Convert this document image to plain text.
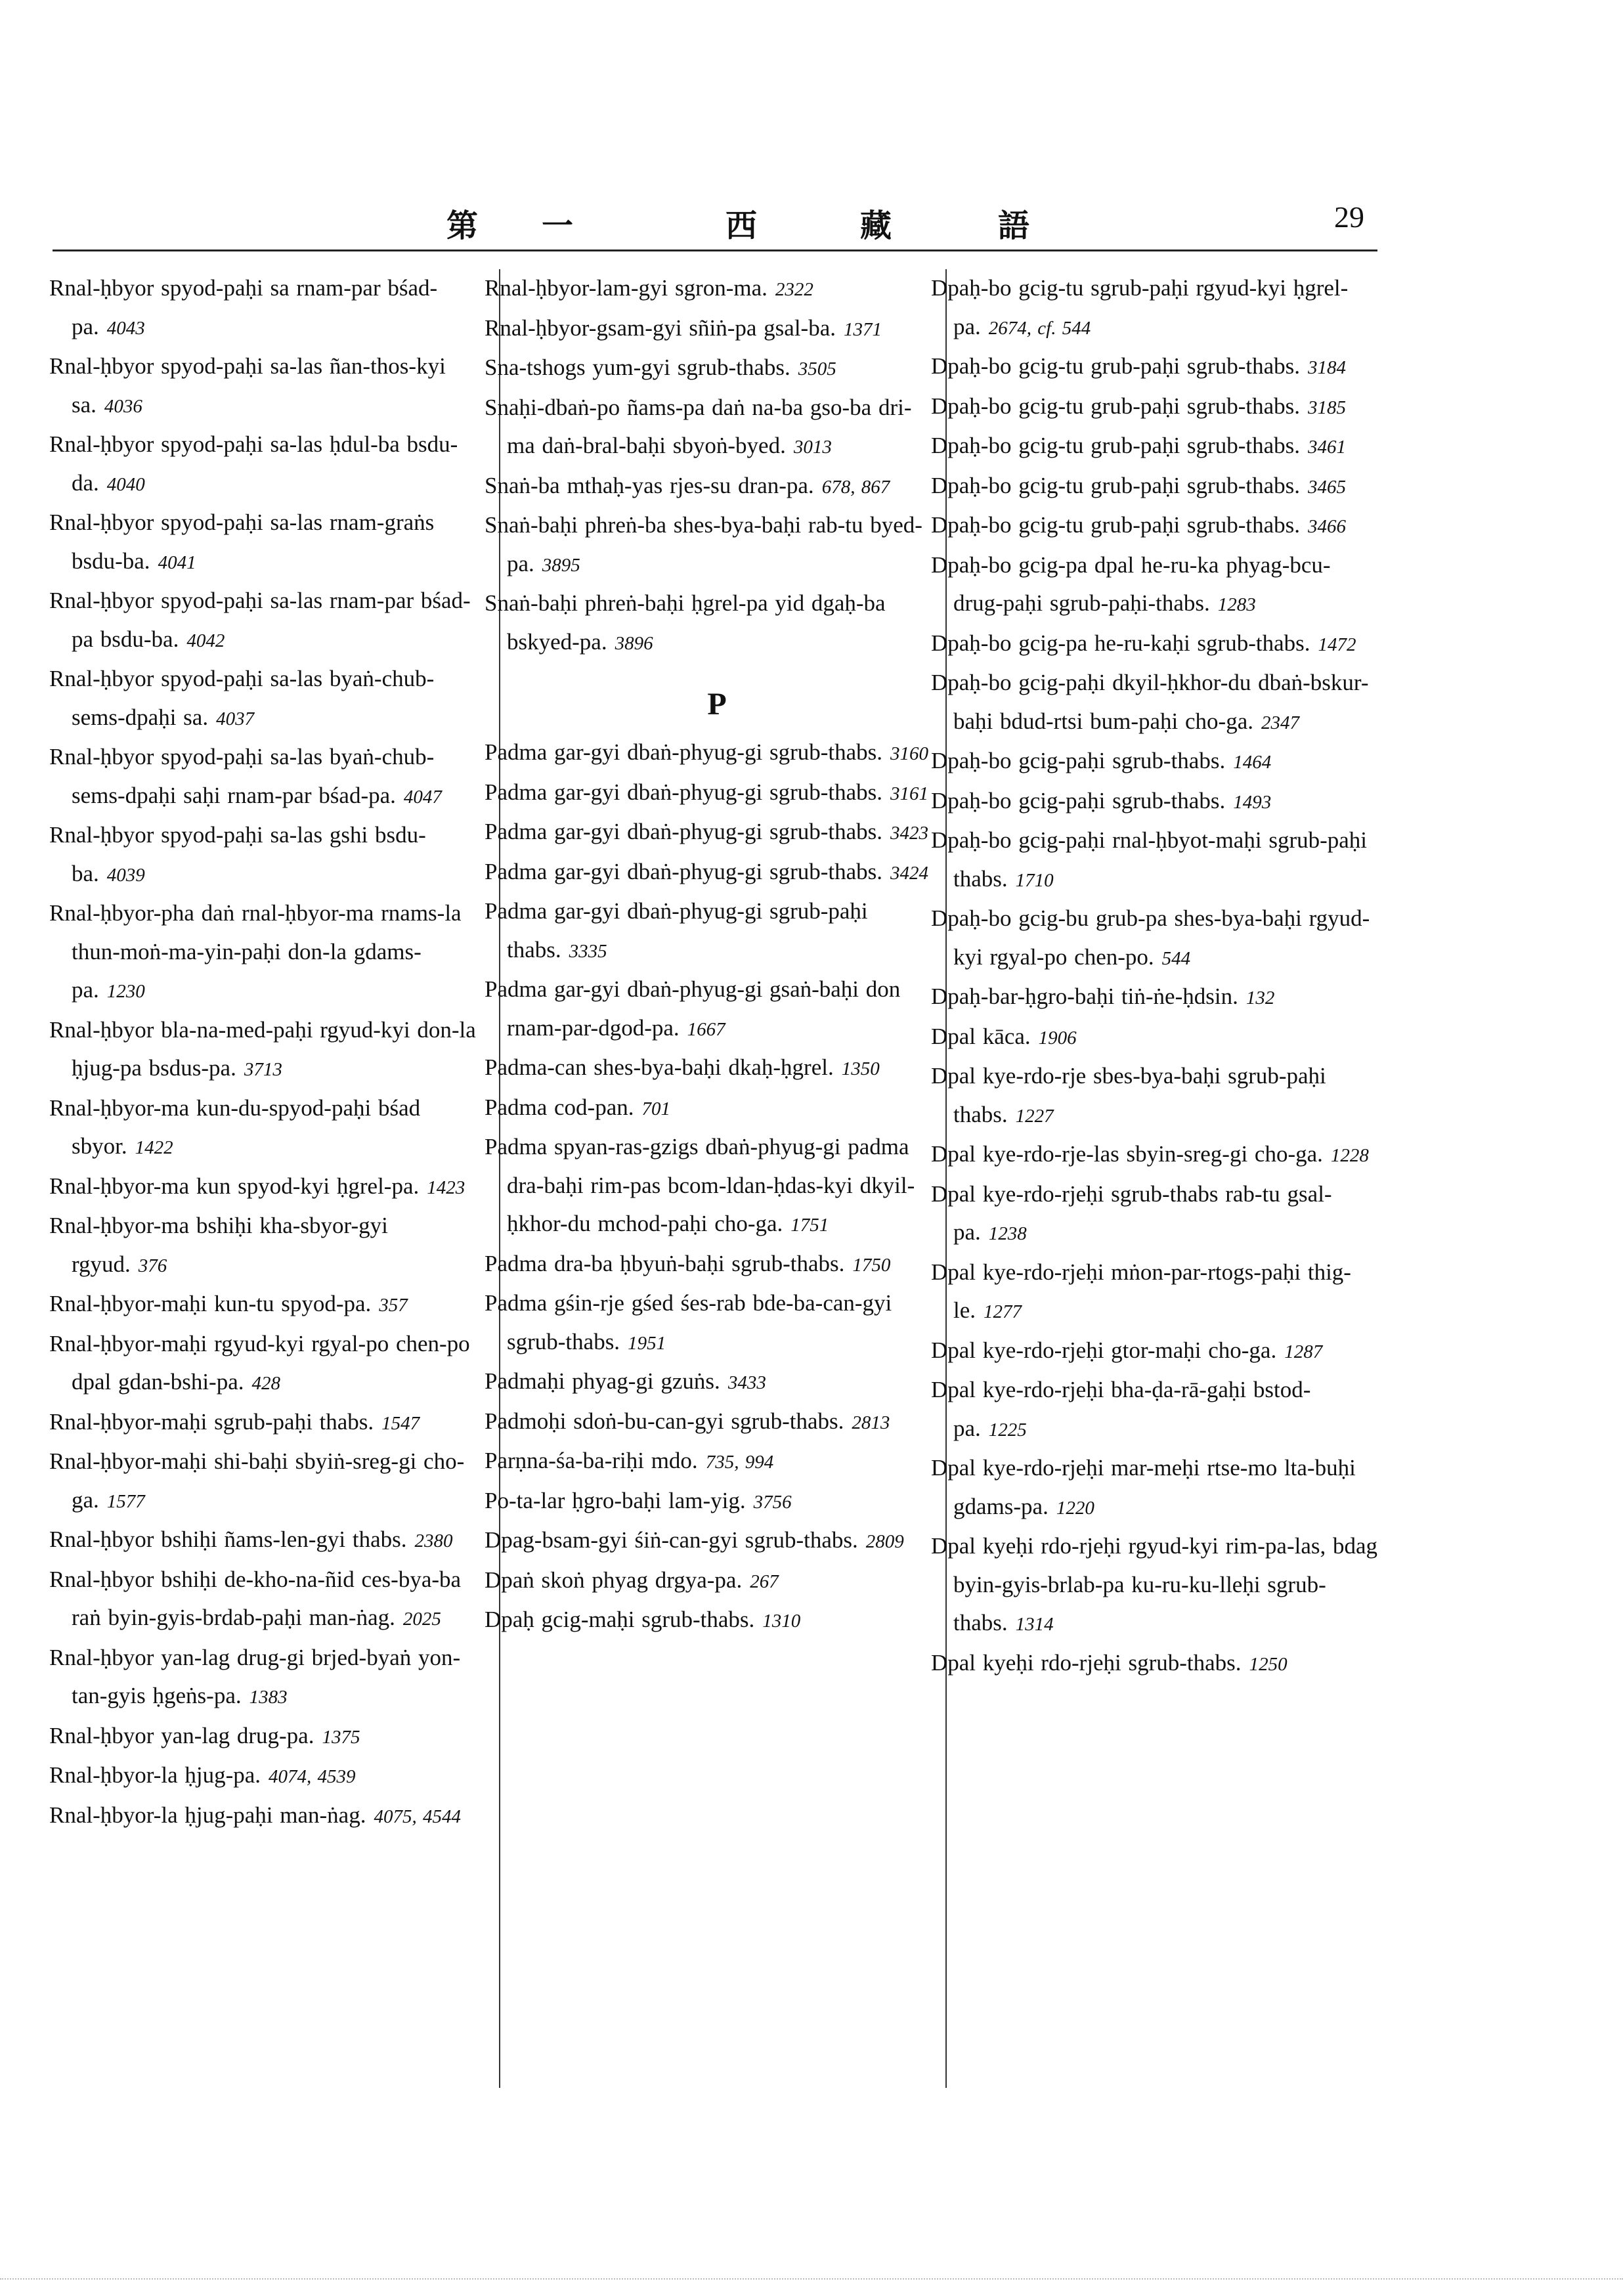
第 一	西	藏	語	29
Rnal-ḥbyor spyod-paḥi sa rnam-par bśad-pa. 4043
Rnal-ḥbyor spyod-paḥi sa-las ñan-thos-kyi sa. 4036
Rnal-ḥbyor spyod-paḥi sa-las ḥdul-ba bsdu-da. 4040
Rnal-ḥbyor spyod-paḥi sa-las rnam-graṅs bsdu-ba. 4041
Rnal-ḥbyor spyod-paḥi sa-las rnam-par bśad-pa bsdu-ba. 4042
Rnal-ḥbyor spyod-paḥi sa-las byaṅ-chub-sems-dpaḥi sa. 4037
Rnal-ḥbyor spyod-paḥi sa-las byaṅ-chub-sems-dpaḥi saḥi rnam-par bśad-pa. 4047
Rnal-ḥbyor spyod-paḥi sa-las gshi bsdu-ba. 4039
Rnal-ḥbyor-pha daṅ rnal-ḥbyor-ma rnams-la thun-moṅ-ma-yin-paḥi don-la gdams-pa. 1230
Rnal-ḥbyor bla-na-med-paḥi rgyud-kyi don-la ḥjug-pa bsdus-pa. 3713
Rnal-ḥbyor-ma kun-du-spyod-paḥi bśad sbyor. 1422
Rnal-ḥbyor-ma kun spyod-kyi ḥgrel-pa. 1423
Rnal-ḥbyor-ma bshiḥi kha-sbyor-gyi rgyud. 376
Rnal-ḥbyor-maḥi kun-tu spyod-pa. 357
Rnal-ḥbyor-maḥi rgyud-kyi rgyal-po chen-po dpal gdan-bshi-pa. 428
Rnal-ḥbyor-maḥi sgrub-paḥi thabs. 1547
Rnal-ḥbyor-maḥi shi-baḥi sbyiṅ-sreg-gi cho-ga. 1577
Rnal-ḥbyor bshiḥi ñams-len-gyi thabs. 2380
Rnal-ḥbyor bshiḥi de-kho-na-ñid ces-bya-ba raṅ byin-gyis-brdab-paḥi man-ṅag. 2025
Rnal-ḥbyor yan-lag drug-gi brjed-byaṅ yon-tan-gyis ḥgeṅs-pa. 1383
Rnal-ḥbyor yan-lag drug-pa. 1375
Rnal-ḥbyor-la ḥjug-pa. 4074, 4539
Rnal-ḥbyor-la ḥjug-paḥi man-ṅag. 4075, 4544
Rnal-ḥbyor-lam-gyi sgron-ma. 2322
Rnal-ḥbyor-gsam-gyi sñiṅ-pa gsal-ba. 1371
Sna-tshogs yum-gyi sgrub-thabs. 3505
Snaḥi-dbaṅ-po ñams-pa daṅ na-ba gso-ba dri-ma daṅ-bral-baḥi sbyoṅ-byed. 3013
Snaṅ-ba mthaḥ-yas rjes-su dran-pa. 678, 867
Snaṅ-baḥi phreṅ-ba shes-bya-baḥi rab-tu byed-pa. 3895
Snaṅ-baḥi phreṅ-baḥi ḥgrel-pa yid dgaḥ-ba bskyed-pa. 3896
P
Padma gar-gyi dbaṅ-phyug-gi sgrub-thabs. 3160
Padma gar-gyi dbaṅ-phyug-gi sgrub-thabs. 3161
Padma gar-gyi dbaṅ-phyug-gi sgrub-thabs. 3423
Padma gar-gyi dbaṅ-phyug-gi sgrub-thabs. 3424
Padma gar-gyi dbaṅ-phyug-gi sgrub-paḥi thabs. 3335
Padma gar-gyi dbaṅ-phyug-gi gsaṅ-baḥi don rnam-par-dgod-pa. 1667
Padma-can shes-bya-baḥi dkaḥ-ḥgrel. 1350
Padma cod-pan. 701
Padma spyan-ras-gzigs dbaṅ-phyug-gi padma dra-baḥi rim-pas bcom-ldan-ḥdas-kyi dkyil-ḥkhor-du mchod-paḥi cho-ga. 1751
Padma dra-ba ḥbyuṅ-baḥi sgrub-thabs. 1750
Padma gśin-rje gśed śes-rab bde-ba-can-gyi sgrub-thabs. 1951
Padmaḥi phyag-gi gzuṅs. 3433
Padmoḥi sdoṅ-bu-can-gyi sgrub-thabs. 2813
Parṇna-śa-ba-riḥi mdo. 735, 994
Po-ta-lar ḥgro-baḥi lam-yig. 3756
Dpag-bsam-gyi śiṅ-can-gyi sgrub-thabs. 2809
Dpaṅ skoṅ phyag drgya-pa. 267
Dpaḥ gcig-maḥi sgrub-thabs. 1310
Dpaḥ-bo gcig-tu sgrub-paḥi rgyud-kyi ḥgrel-pa. 2674, cf. 544
Dpaḥ-bo gcig-tu grub-paḥi sgrub-thabs. 3184
Dpaḥ-bo gcig-tu grub-paḥi sgrub-thabs. 3185
Dpaḥ-bo gcig-tu grub-paḥi sgrub-thabs. 3461
Dpaḥ-bo gcig-tu grub-paḥi sgrub-thabs. 3465
Dpaḥ-bo gcig-tu grub-paḥi sgrub-thabs. 3466
Dpaḥ-bo gcig-pa dpal he-ru-ka phyag-bcu-drug-paḥi sgrub-paḥi-thabs. 1283
Dpaḥ-bo gcig-pa he-ru-kaḥi sgrub-thabs. 1472
Dpaḥ-bo gcig-paḥi dkyil-ḥkhor-du dbaṅ-bskur-baḥi bdud-rtsi bum-paḥi cho-ga. 2347
Dpaḥ-bo gcig-paḥi sgrub-thabs. 1464
Dpaḥ-bo gcig-paḥi sgrub-thabs. 1493
Dpaḥ-bo gcig-paḥi rnal-ḥbyot-maḥi sgrub-paḥi thabs. 1710
Dpaḥ-bo gcig-bu grub-pa shes-bya-baḥi rgyud-kyi rgyal-po chen-po. 544
Dpaḥ-bar-ḥgro-baḥi tiṅ-ṅe-ḥdsin. 132
Dpal kāca. 1906
Dpal kye-rdo-rje sbes-bya-baḥi sgrub-paḥi thabs. 1227
Dpal kye-rdo-rje-las sbyin-sreg-gi cho-ga. 1228
Dpal kye-rdo-rjeḥi sgrub-thabs rab-tu gsal-pa. 1238
Dpal kye-rdo-rjeḥi mṅon-par-rtogs-paḥi thig-le. 1277
Dpal kye-rdo-rjeḥi gtor-maḥi cho-ga. 1287
Dpal kye-rdo-rjeḥi bha-ḍa-rā-gaḥi bstod-pa. 1225
Dpal kye-rdo-rjeḥi mar-meḥi rtse-mo lta-buḥi gdams-pa. 1220
Dpal kyeḥi rdo-rjeḥi rgyud-kyi rim-pa-las, bdag byin-gyis-brlab-pa ku-ru-ku-lleḥi sgrub-thabs. 1314
Dpal kyeḥi rdo-rjeḥi sgrub-thabs. 1250
